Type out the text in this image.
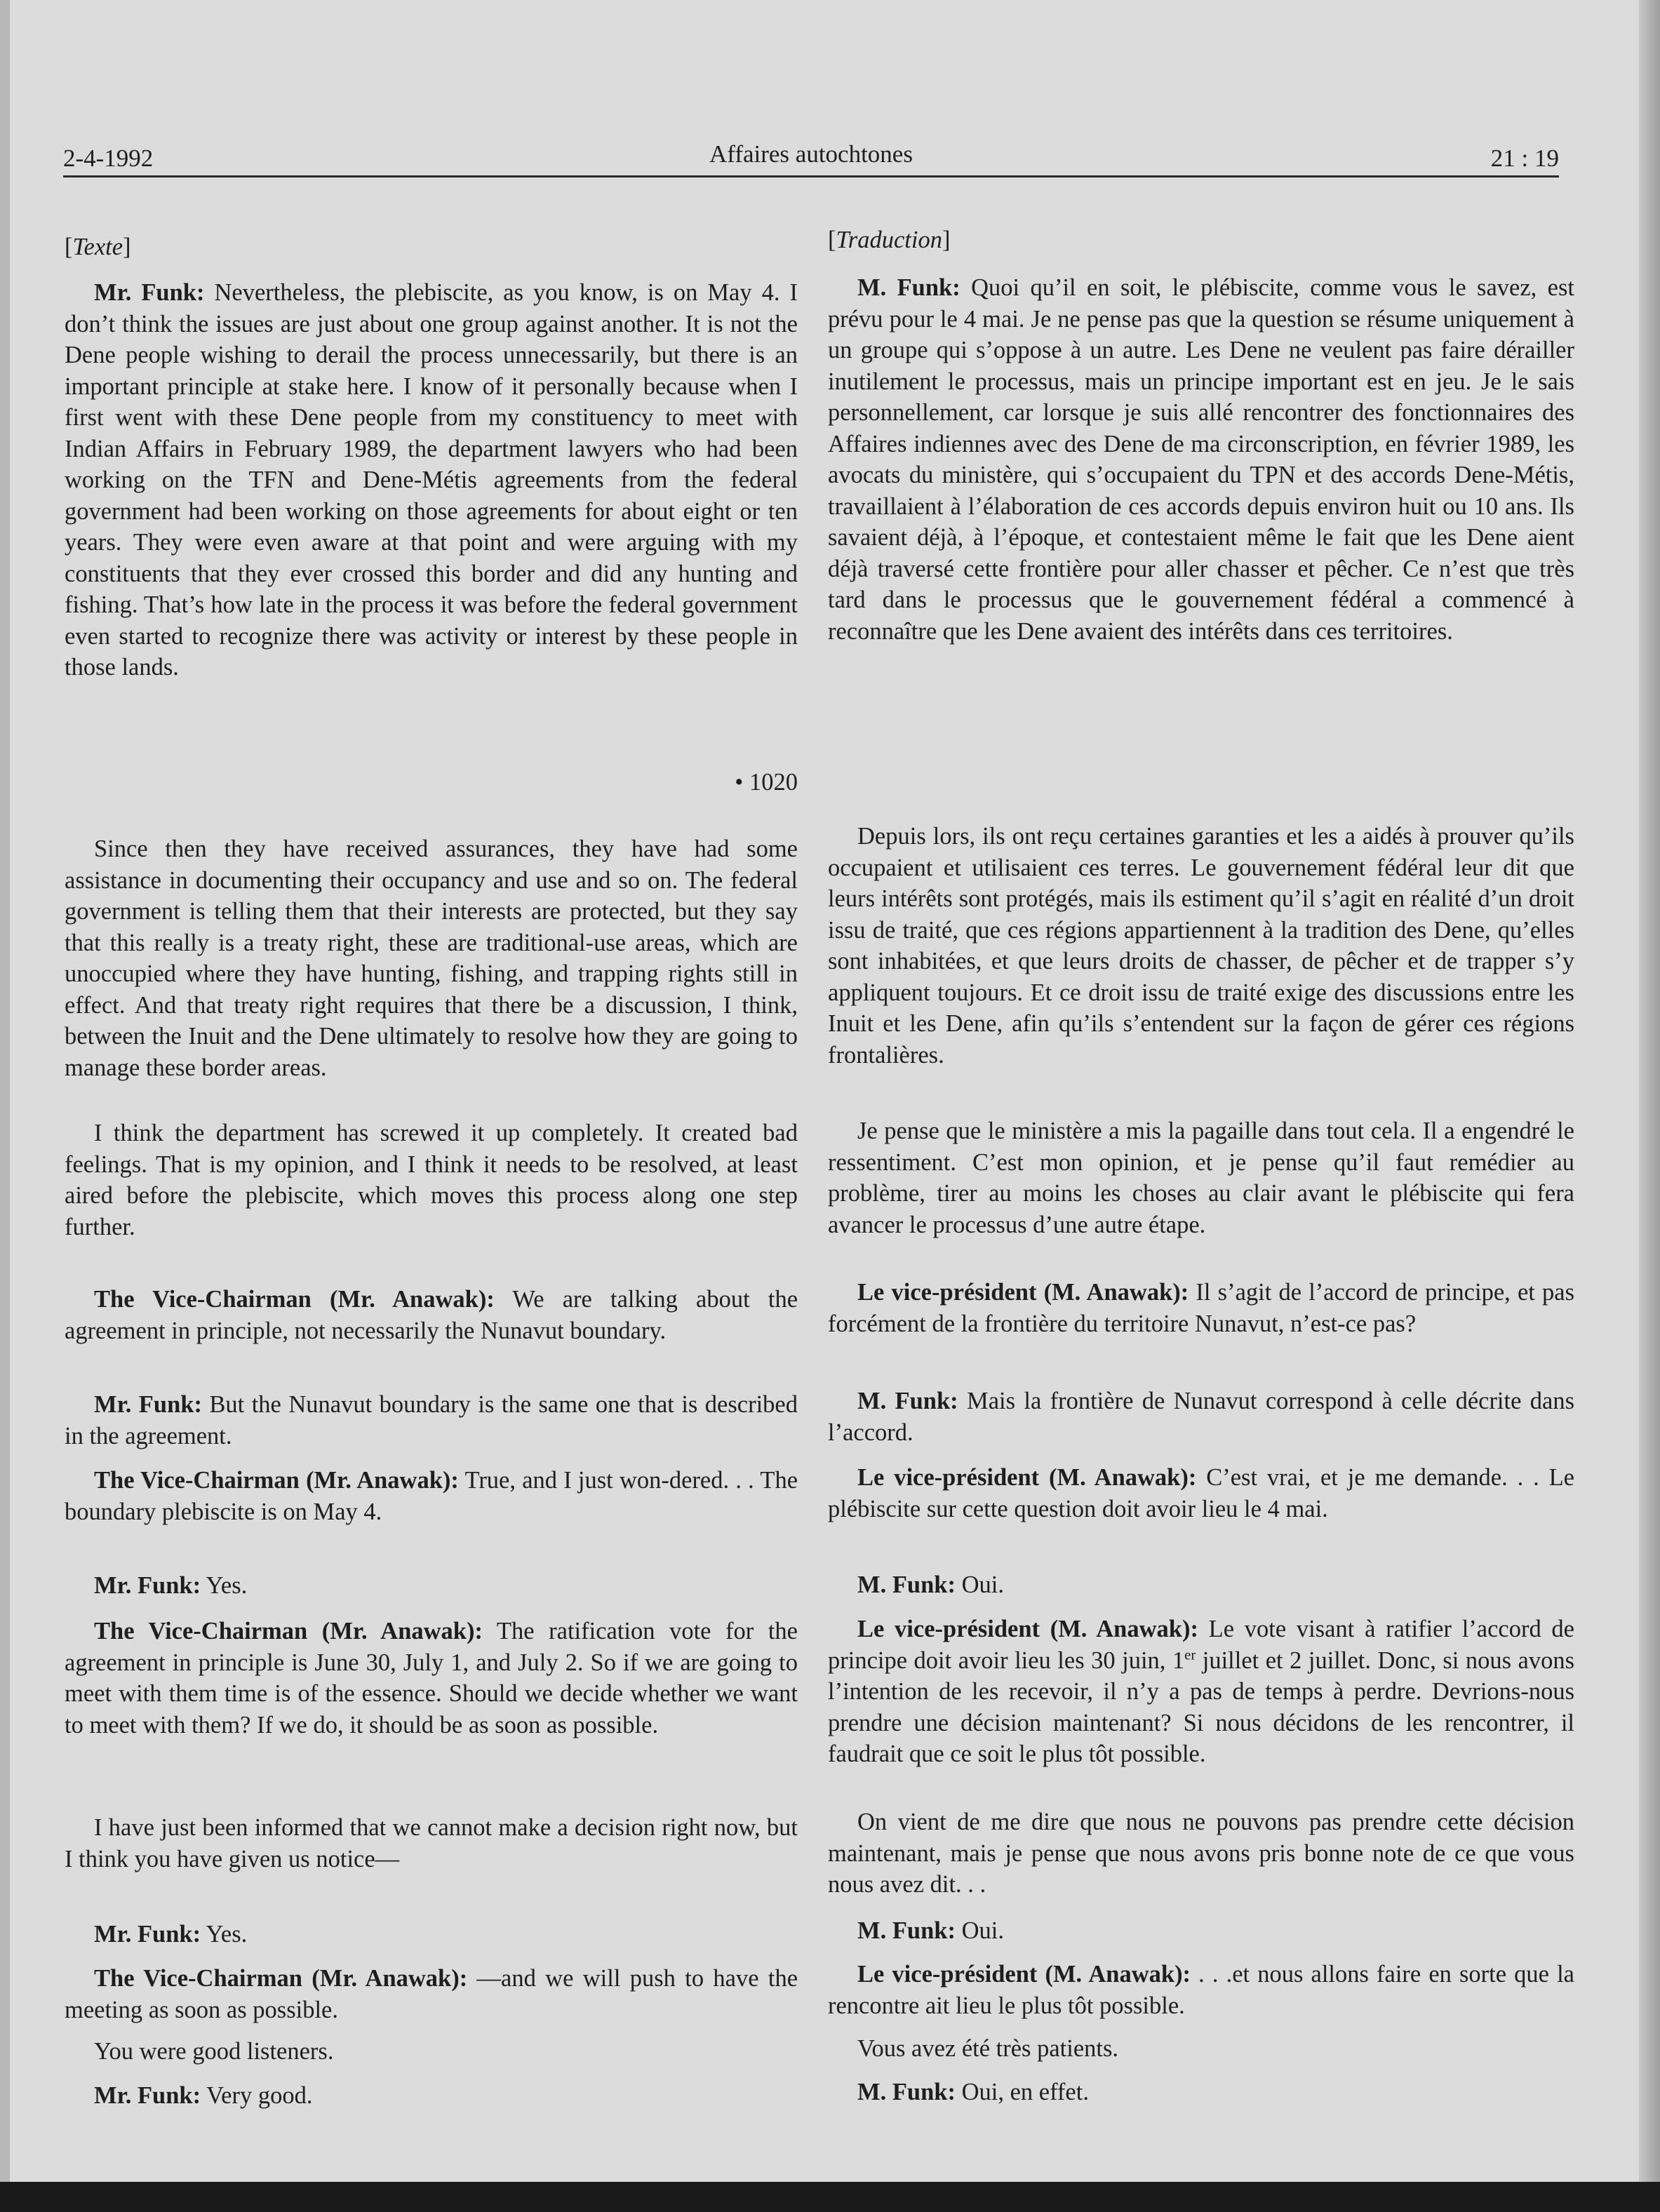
2-4-1992	Affaires autochtones	21 : 19

[Texte]

Mr. Funk: Nevertheless, the plebiscite, as you know, is on May 4. I don’t think the issues are just about one group against another. It is not the Dene people wishing to derail the process unnecessarily, but there is an important principle at stake here. I know of it personally because when I first went with these Dene people from my constituency to meet with Indian Affairs in February 1989, the department lawyers who had been working on the TFN and Dene-Métis agreements from the federal government had been working on those agreements for about eight or ten years. They were even aware at that point and were arguing with my constituents that they ever crossed this border and did any hunting and fishing. That’s how late in the process it was before the federal government even started to recognize there was activity or interest by these people in those lands.

• 1020

Since then they have received assurances, they have had some assistance in documenting their occupancy and use and so on. The federal government is telling them that their interests are protected, but they say that this really is a treaty right, these are traditional-use areas, which are unoccupied where they have hunting, fishing, and trapping rights still in effect. And that treaty right requires that there be a discussion, I think, between the Inuit and the Dene ultimately to resolve how they are going to manage these border areas.

I think the department has screwed it up completely. It created bad feelings. That is my opinion, and I think it needs to be resolved, at least aired before the plebiscite, which moves this process along one step further.

The Vice-Chairman (Mr. Anawak): We are talking about the agreement in principle, not necessarily the Nunavut boundary.

Mr. Funk: But the Nunavut boundary is the same one that is described in the agreement.

The Vice-Chairman (Mr. Anawak): True, and I just won-dered. . . The boundary plebiscite is on May 4.

Mr. Funk: Yes.

The Vice-Chairman (Mr. Anawak): The ratification vote for the agreement in principle is June 30, July 1, and July 2. So if we are going to meet with them time is of the essence. Should we decide whether we want to meet with them? If we do, it should be as soon as possible.

I have just been informed that we cannot make a decision right now, but I think you have given us notice—

Mr. Funk: Yes.

The Vice-Chairman (Mr. Anawak): —and we will push to have the meeting as soon as possible.

You were good listeners.

Mr. Funk: Very good.

[Traduction]

M. Funk: Quoi qu’il en soit, le plébiscite, comme vous le savez, est prévu pour le 4 mai. Je ne pense pas que la question se résume uniquement à un groupe qui s’oppose à un autre. Les Dene ne veulent pas faire dérailler inutilement le processus, mais un principe important est en jeu. Je le sais personnellement, car lorsque je suis allé rencontrer des fonctionnaires des Affaires indiennes avec des Dene de ma circonscription, en février 1989, les avocats du ministère, qui s’occupaient du TPN et des accords Dene-Métis, travaillaient à l’élaboration de ces accords depuis environ huit ou 10 ans. Ils savaient déjà, à l’époque, et contestaient même le fait que les Dene aient déjà traversé cette frontière pour aller chasser et pêcher. Ce n’est que très tard dans le processus que le gouvernement fédéral a commencé à reconnaître que les Dene avaient des intérêts dans ces territoires.

Depuis lors, ils ont reçu certaines garanties et les a aidés à prouver qu’ils occupaient et utilisaient ces terres. Le gouvernement fédéral leur dit que leurs intérêts sont protégés, mais ils estiment qu’il s’agit en réalité d’un droit issu de traité, que ces régions appartiennent à la tradition des Dene, qu’elles sont inhabitées, et que leurs droits de chasser, de pêcher et de trapper s’y appliquent toujours. Et ce droit issu de traité exige des discussions entre les Inuit et les Dene, afin qu’ils s’entendent sur la façon de gérer ces régions frontalières.

Je pense que le ministère a mis la pagaille dans tout cela. Il a engendré le ressentiment. C’est mon opinion, et je pense qu’il faut remédier au problème, tirer au moins les choses au clair avant le plébiscite qui fera avancer le processus d’une autre étape.

Le vice-président (M. Anawak): Il s’agit de l’accord de principe, et pas forcément de la frontière du territoire Nunavut, n’est-ce pas?

M. Funk: Mais la frontière de Nunavut correspond à celle décrite dans l’accord.

Le vice-président (M. Anawak): C’est vrai, et je me demande. . . Le plébiscite sur cette question doit avoir lieu le 4 mai.

M. Funk: Oui.

Le vice-président (M. Anawak): Le vote visant à ratifier l’accord de principe doit avoir lieu les 30 juin, 1er juillet et 2 juillet. Donc, si nous avons l’intention de les recevoir, il n’y a pas de temps à perdre. Devrions-nous prendre une décision maintenant? Si nous décidons de les rencontrer, il faudrait que ce soit le plus tôt possible.

On vient de me dire que nous ne pouvons pas prendre cette décision maintenant, mais je pense que nous avons pris bonne note de ce que vous nous avez dit. . .

M. Funk: Oui.

Le vice-président (M. Anawak): . . .et nous allons faire en sorte que la rencontre ait lieu le plus tôt possible.

Vous avez été très patients.

M. Funk: Oui, en effet.
